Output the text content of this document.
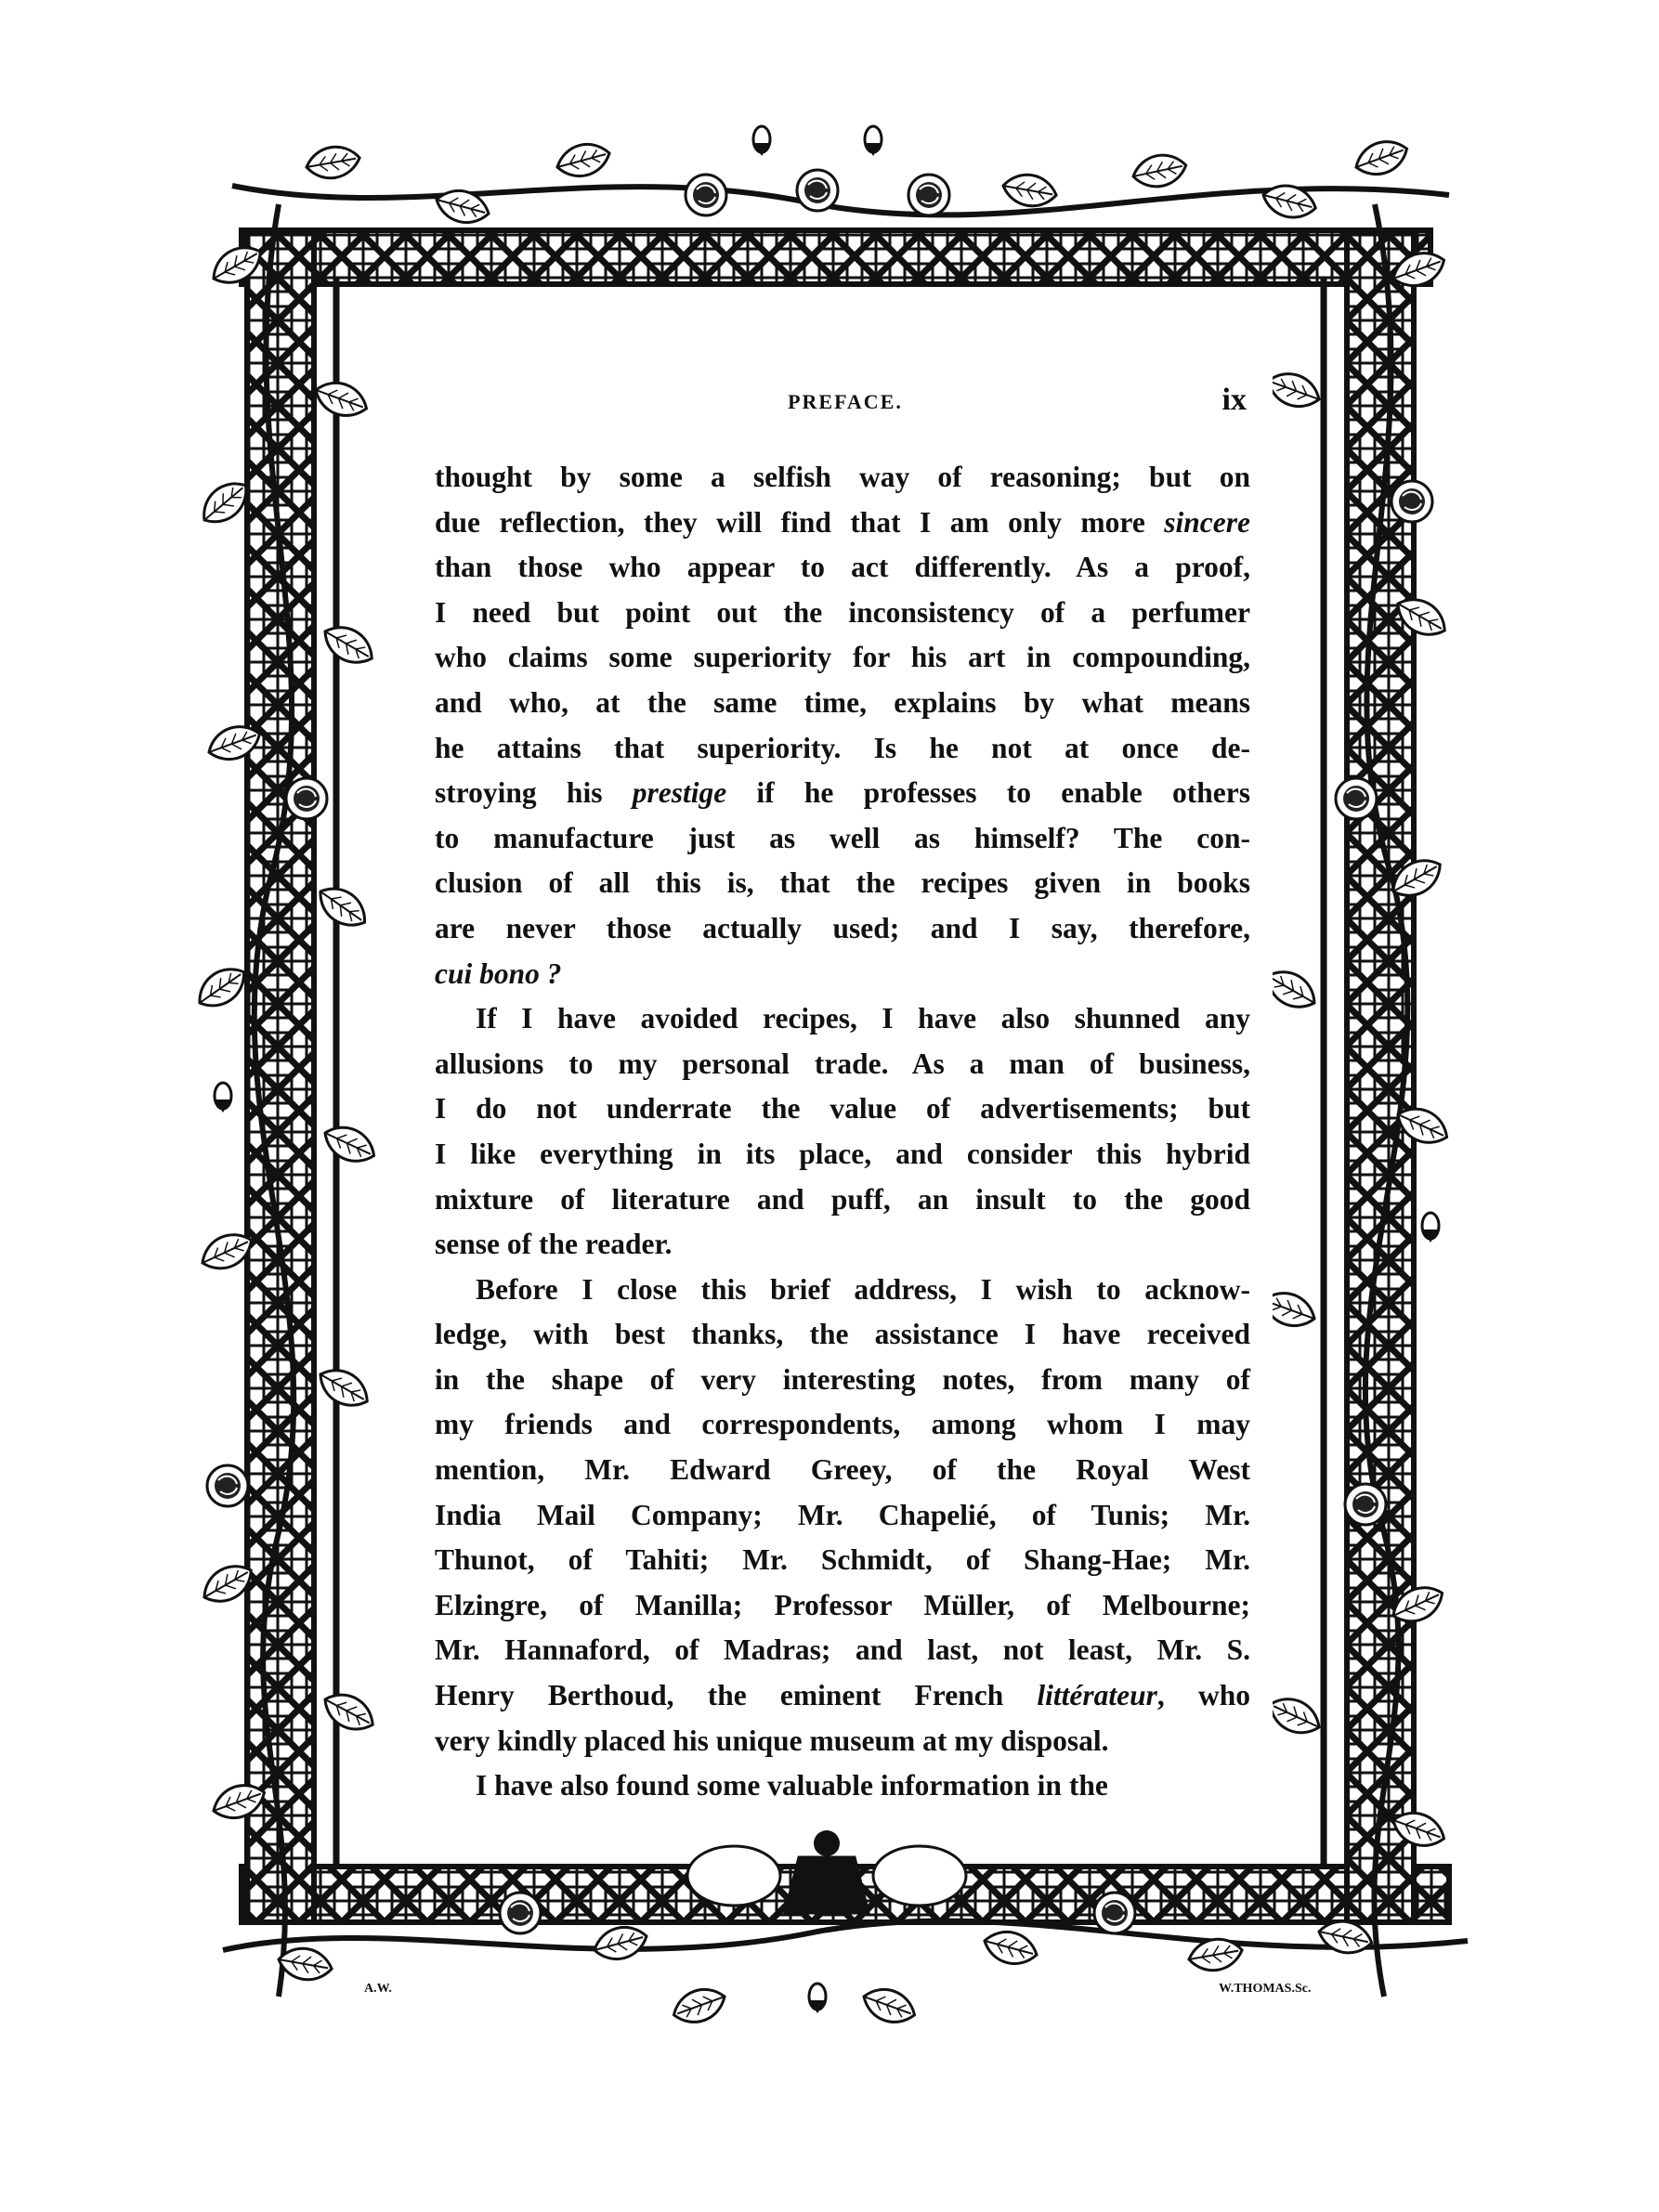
A.W.	W.THOMAS.Sc.
PREFACE.	ix
thought by some a selfish way of reasoning; but on
due reflection, they will find that I am only more sincere
than those who appear to act differently. As a proof,
I need but point out the inconsistency of a perfumer
who claims some superiority for his art in compounding,
and who, at the same time, explains by what means
he attains that superiority. Is he not at once de-
stroying his prestige if he professes to enable others
to manufacture just as well as himself? The con-
clusion of all this is, that the recipes given in books
are never those actually used; and I say, therefore,
cui bono ?
If I have avoided recipes, I have also shunned any
allusions to my personal trade. As a man of business,
I do not underrate the value of advertisements; but
I like everything in its place, and consider this hybrid
mixture of literature and puff, an insult to the good
sense of the reader.
Before I close this brief address, I wish to acknow-
ledge, with best thanks, the assistance I have received
in the shape of very interesting notes, from many of
my friends and correspondents, among whom I may
mention, Mr. Edward Greey, of the Royal West
India Mail Company; Mr. Chapelié, of Tunis; Mr.
Thunot, of Tahiti; Mr. Schmidt, of Shang-Hae; Mr.
Elzingre, of Manilla; Professor Müller, of Melbourne;
Mr. Hannaford, of Madras; and last, not least, Mr. S.
Henry Berthoud, the eminent French littérateur, who
very kindly placed his unique museum at my disposal.
I have also found some valuable information in the
